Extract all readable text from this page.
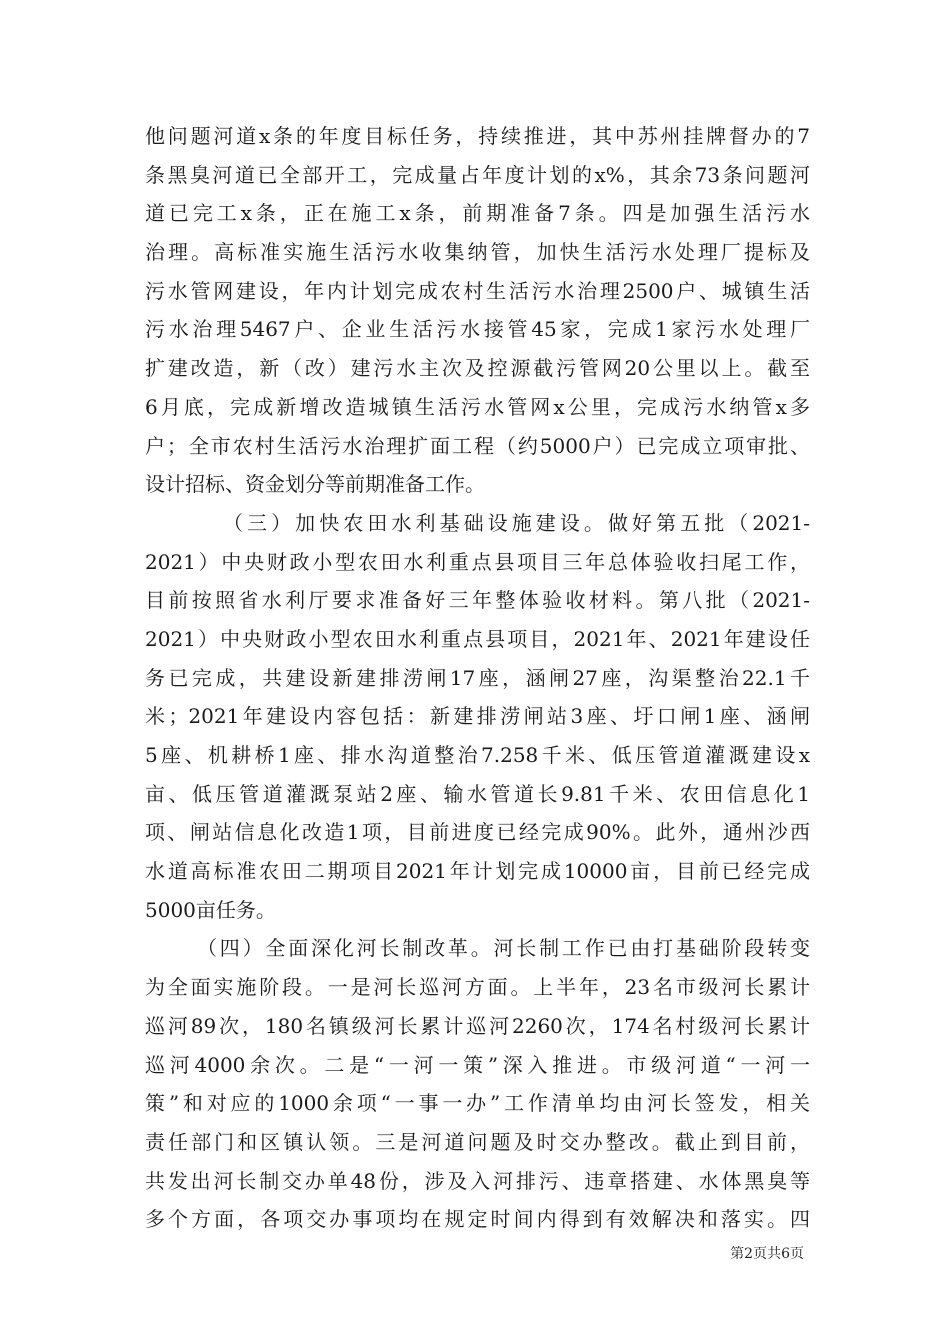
他问题河道x条的年度目标任务，持续推进，其中苏州挂牌督办的7
条黑臭河道已全部开工，完成量占年度计划的x%，其余73条问题河
道已完工x条，正在施工x条，前期准备7条。四是加强生活污水
治理。高标准实施生活污水收集纳管，加快生活污水处理厂提标及
污水管网建设，年内计划完成农村生活污水治理2500户、城镇生活
污水治理5467户、企业生活污水接管45家，完成1家污水处理厂
扩建改造，新（改）建污水主次及控源截污管网20公里以上。截至
6月底，完成新增改造城镇生活污水管网x公里，完成污水纳管x多
户；全市农村生活污水治理扩面工程（约5000户）已完成立项审批、
设计招标、资金划分等前期准备工作。
（三）加快农田水利基础设施建设。做好第五批（2021-
2021）中央财政小型农田水利重点县项目三年总体验收扫尾工作，
目前按照省水利厅要求准备好三年整体验收材料。第八批（2021-
2021）中央财政小型农田水利重点县项目，2021年、2021年建设任
务已完成，共建设新建排涝闸17座，涵闸27座，沟渠整治22.1千
米；2021年建设内容包括：新建排涝闸站3座、圩口闸1座、涵闸
5座、机耕桥1座、排水沟道整治7.258千米、低压管道灌溉建设x
亩、低压管道灌溉泵站2座、输水管道长9.81千米、农田信息化1
项、闸站信息化改造1项，目前进度已经完成90%。此外，通州沙西
水道高标准农田二期项目2021年计划完成10000亩，目前已经完成
5000亩任务。
（四）全面深化河长制改革。河长制工作已由打基础阶段转变
为全面实施阶段。一是河长巡河方面。上半年，23名市级河长累计
巡河89次，180名镇级河长累计巡河2260次，174名村级河长累计
巡河4000余次。二是“一河一策”深入推进。市级河道“一河一
策”和对应的1000余项“一事一办”工作清单均由河长签发，相关
责任部门和区镇认领。三是河道问题及时交办整改。截止到目前，
共发出河长制交办单48份，涉及入河排污、违章搭建、水体黑臭等
多个方面，各项交办事项均在规定时间内得到有效解决和落实。四
第2页共6页
